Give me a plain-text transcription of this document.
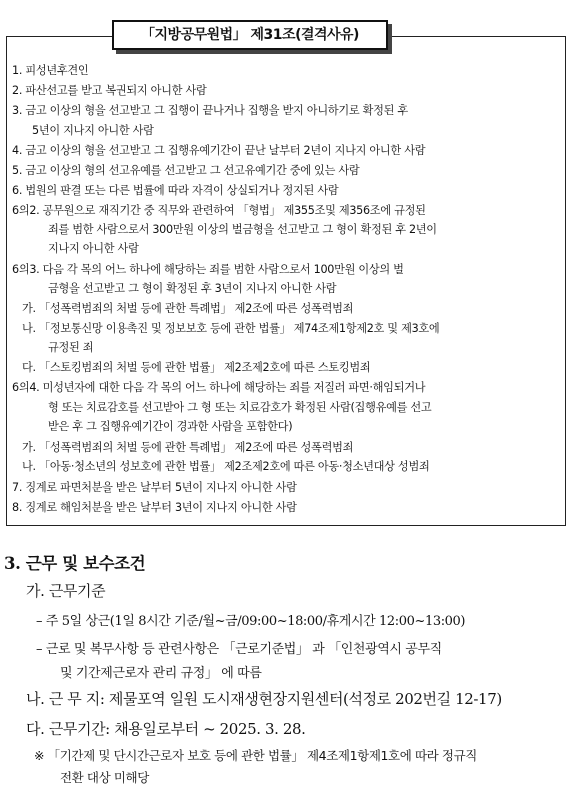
「지방공무원법」 제31조(결격사유)
1. 피성년후견인
2. 파산선고를 받고 복권되지 아니한 사람
3. 금고 이상의 형을 선고받고 그 집행이 끝나거나 집행을 받지 아니하기로 확정된 후
5년이 지나지 아니한 사람
4. 금고 이상의 형을 선고받고 그 집행유예기간이 끝난 날부터 2년이 지나지 아니한 사람
5. 금고 이상의 형의 선고유예를 선고받고 그 선고유예기간 중에 있는 사람
6. 법원의 판결 또는 다른 법률에 따라 자격이 상실되거나 정지된 사람
6의2. 공무원으로 재직기간 중 직무와 관련하여 「형법」 제355조및 제356조에 규정된
죄를 범한 사람으로서 300만원 이상의 벌금형을 선고받고 그 형이 확정된 후 2년이
지나지 아니한 사람
6의3. 다음 각 목의 어느 하나에 해당하는 죄를 범한 사람으로서 100만원 이상의 벌
금형을 선고받고 그 형이 확정된 후 3년이 지나지 아니한 사람
가. 「성폭력범죄의 처벌 등에 관한 특례법」 제2조에 따른 성폭력범죄
나. 「정보통신망 이용촉진 및 정보보호 등에 관한 법률」 제74조제1항제2호 및 제3호에
규정된 죄
다. 「스토킹범죄의 처벌 등에 관한 법률」 제2조제2호에 따른 스토킹범죄
6의4. 미성년자에 대한 다음 각 목의 어느 하나에 해당하는 죄를 저질러 파면·해임되거나
형 또는 치료감호를 선고받아 그 형 또는 치료감호가 확정된 사람(집행유예를 선고
받은 후 그 집행유예기간이 경과한 사람을 포함한다)
가. 「성폭력범죄의 처벌 등에 관한 특례법」 제2조에 따른 성폭력범죄
나. 「아동·청소년의 성보호에 관한 법률」 제2조제2호에 따른 아동·청소년대상 성범죄
7. 징계로 파면처분을 받은 날부터 5년이 지나지 아니한 사람
8. 징계로 해임처분을 받은 날부터 3년이 지나지 아니한 사람
3. 근무 및 보수조건
가. 근무기준
– 주 5일 상근(1일 8시간 기준/월~금/09:00~18:00/휴게시간 12:00~13:00)
– 근로 및 복무사항 등 관련사항은 「근로기준법」 과 「인천광역시 공무직
및 기간제근로자 관리 규정」 에 따름
나. 근 무 지: 제물포역 일원 도시재생현장지원센터(석정로 202번길 12-17)
다. 근무기간: 채용일로부터 ~ 2025. 3. 28.
※ 「기간제 및 단시간근로자 보호 등에 관한 법률」 제4조제1항제1호에 따라 정규직
전환 대상 미해당
